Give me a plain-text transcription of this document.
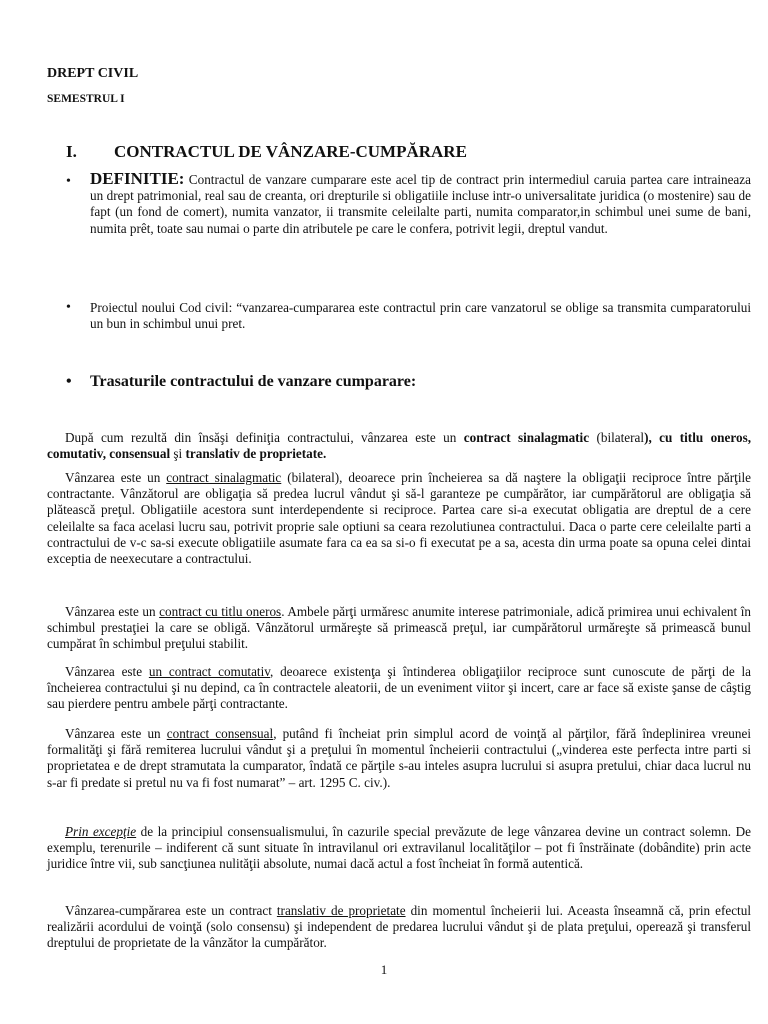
DREPT CIVIL
SEMESTRUL I
I. CONTRACTUL DE VÂNZARE-CUMPĂRARE
• DEFINITIE: Contractul de vanzare cumparare este acel tip de contract prin intermediul caruia partea care intraineaza un drept patrimonial, real sau de creanta, ori drepturile si obligatiile incluse intr-o universalitate juridica (o mostenire) sau de fapt (un fond de comert), numita vanzator, ii transmite celeilalte parti, numita comparator,in schimbul unei sume de bani, numita prêt, toate sau numai o parte din atributele pe care le confera, potrivit legii, dreptul vandut.
• Proiectul noului Cod civil: “vanzarea-cumpararea este contractul prin care vanzatorul se oblige sa transmita cumparatorului un bun in schimbul unui pret.
• Trasaturile contractului de vanzare cumparare:

După cum rezultă din însăşi definiţia contractului, vânzarea este un contract sinalagmatic (bilateral), cu titlu oneros, comutativ, consensual şi translativ de proprietate.

Vânzarea este un contract sinalagmatic (bilateral), deoarece prin încheierea sa dă naştere la obligaţii reciproce între părţile contractante. Vânzătorul are obligaţia să predea lucrul vândut şi să-l garanteze pe cumpărător, iar cumpărătorul are obligaţia să plătească preţul. Obligatiile acestora sunt interdependente si reciproce. Partea care si-a executat obligatia are dreptul de a cere celeilalte sa faca acelasi lucru sau, potrivit proprie sale optiuni sa ceara rezolutiunea contractului. Daca o parte cere celeilalte parti a contractului de v-c sa-si execute obligatiile asumate fara ca ea sa si-o fi executat pe a sa, acesta din urma poate sa opuna celei dintai exceptia de neexecutare a contractului.

Vânzarea este un contract cu titlu oneros. Ambele părţi urmăresc anumite interese patrimoniale, adică primirea unui echivalent în schimbul prestaţiei la care se obligă. Vânzătorul urmăreşte să primească preţul, iar cumpărătorul urmăreşte să primească bunul cumpărat în schimbul preţului stabilit.

Vânzarea este un contract comutativ, deoarece existenţa şi întinderea obligaţiilor reciproce sunt cunoscute de părţi de la încheierea contractului şi nu depind, ca în contractele aleatorii, de un eveniment viitor şi incert, care ar face să existe şanse de câştig sau pierdere pentru ambele părţi contractante.

Vânzarea este un contract consensual, putând fi încheiat prin simplul acord de voinţă al părţilor, fără îndeplinirea vreunei formalităţi şi fără remiterea lucrului vândut şi a preţului în momentul încheierii contractului („vinderea este perfecta intre parti si proprietatea e de drept stramutata la cumparator, îndată ce părţile s-au inteles asupra lucrului si asupra pretului, chiar daca lucrul nu s-ar fi predate si pretul nu va fi fost numarat” – art. 1295 C. civ.).

Prin excepţie de la principiul consensualismului, în cazurile special prevăzute de lege vânzarea devine un contract solemn. De exemplu, terenurile – indiferent că sunt situate în intravilanul ori extravilanul localităţilor – pot fi înstrăinate (dobândite) prin acte juridice între vii, sub sancţiunea nulităţii absolute, numai dacă actul a fost încheiat în formă autentică.

Vânzarea-cumpărarea este un contract translativ de proprietate din momentul încheierii lui. Aceasta înseamnă că, prin efectul realizării acordului de voinţă (solo consensu) şi independent de predarea lucrului vândut şi de plata preţului, operează şi transferul dreptului de proprietate de la vânzător la cumpărător.

1
